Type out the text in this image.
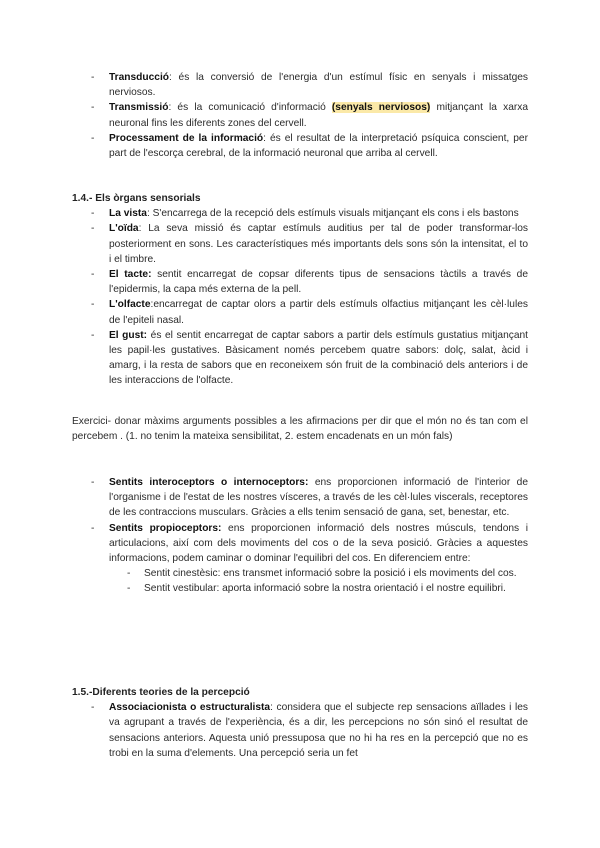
- Transducció: és la conversió de l'energia d'un estímul físic en senyals i missatges nerviosos.
- Transmissió: és la comunicació d'informació (senyals nerviosos) mitjançant la xarxa neuronal fins les diferents zones del cervell.
- Processament de la informació: és el resultat de la interpretació psíquica conscient, per part de l'escorça cerebral, de la informació neuronal que arriba al cervell.
1.4.- Els òrgans sensorials
- La vista: S'encarrega de la recepció dels estímuls visuals mitjançant els cons i els bastons
- L'oïda: La seva missió és captar estímuls auditius per tal de poder transformar-los posteriorment en sons. Les característiques més importants dels sons són la intensitat, el to i el timbre.
- El tacte: sentit encarregat de copsar diferents tipus de sensacions tàctils a través de l'epidermis, la capa més externa de la pell.
- L'olfacte:encarregat de captar olors a partir dels estímuls olfactius mitjançant les cèl·lules de l'epiteli nasal.
- El gust: és el sentit encarregat de captar sabors a partir dels estímuls gustatius mitjançant les papil·les gustatives. Bàsicament només percebem quatre sabors: dolç, salat, àcid i amarg, i la resta de sabors que en reconeixem són fruit de la combinació dels anteriors i de les interaccions de l'olfacte.
Exercici- donar màxims arguments possibles a les afirmacions per dir que el món no és tan com el percebem . (1. no tenim la mateixa sensibilitat, 2. estem encadenats en un món fals)
- Sentits interoceptors o internoceptors: ens proporcionen informació de l'interior de l'organisme i de l'estat de les nostres vísceres, a través de les cèl·lules viscerals, receptores de les contraccions musculars. Gràcies a ells tenim sensació de gana, set, benestar, etc.
- Sentits propioceptors: ens proporcionen informació dels nostres músculs, tendons i articulacions, així com dels moviments del cos o de la seva posició. Gràcies a aquestes informacions, podem caminar o dominar l'equilibri del cos. En diferenciem entre:
- Sentit cinestèsic: ens transmet informació sobre la posició i els moviments del cos.
- Sentit vestibular: aporta informació sobre la nostra orientació i el nostre equilibri.
1.5.-Diferents teories de la percepció
- Associacionista o estructuralista: considera que el subjecte rep sensacions aïllades i les va agrupant a través de l'experiència, és a dir, les percepcions no són sinó el resultat de sensacions anteriors. Aquesta unió pressuposa que no hi ha res en la percepció que no es trobi en la suma d'elements. Una percepció seria un fet
